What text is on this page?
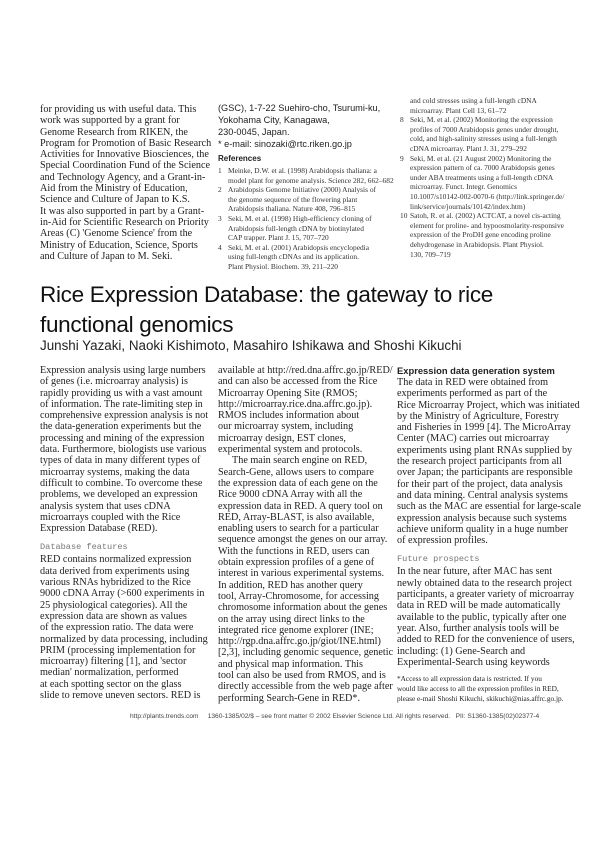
for providing us with useful data. This
work was supported by a grant for
Genome Research from RIKEN, the
Program for Promotion of Basic Research
Activities for Innovative Biosciences, the
Special Coordination Fund of the Science
and Technology Agency, and a Grant-in-
Aid from the Ministry of Education,
Science and Culture of Japan to K.S.
It was also supported in part by a Grant-
in-Aid for Scientific Research on Priority
Areas (C) 'Genome Science' from the
Ministry of Education, Science, Sports
and Culture of Japan to M. Seki.
(GSC), 1-7-22 Suehiro-cho, Tsurumi-ku,
Yokohama City, Kanagawa,
230-0045, Japan.
* e-mail: sinozaki@rtc.riken.go.jp
References
1 Meinke, D.W. et al. (1998) Arabidopsis thaliana: a
model plant for genome analysis. Science 282, 662–682
2 Arabidopsis Genome Initiative (2000) Analysis of
the genome sequence of the flowering plant
Arabidopsis thaliana. Nature 408, 796–815
3 Seki, M. et al. (1998) High-efficiency cloning of
Arabidopsis full-length cDNA by biotinylated
CAP trapper. Plant J. 15, 707–720
4 Seki, M. et al. (2001) Arabidopsis encyclopedia
using full-length cDNAs and its application.
Plant Physiol. Biochem. 39, 211–220
and cold stresses using a full-length cDNA
microarray. Plant Cell 13, 61–72
8 Seki, M. et al. (2002) Monitoring the expression
profiles of 7000 Arabidopsis genes under drought,
cold, and high-salinity stresses using a full-length
cDNA microarray. Plant J. 31, 279–292
9 Seki, M. et al. (21 August 2002) Monitoring the
expression pattern of ca. 7000 Arabidopsis genes
under ABA treatments using a full-length cDNA
microarray. Funct. Integr. Genomics
10.1007/s10142-002-0070-6 (http://link.springer.de/
link/service/journals/10142/index.htm)
10 Satoh, R. et al. (2002) ACTCAT, a novel cis-acting
element for proline- and hypoosmolarity-responsive
expression of the ProDH gene encoding proline
dehydrogenase in Arabidopsis. Plant Physiol.
130, 709–719
Rice Expression Database: the gateway to rice
functional genomics
Junshi Yazaki, Naoki Kishimoto, Masahiro Ishikawa and Shoshi Kikuchi
Expression analysis using large numbers
of genes (i.e. microarray analysis) is
rapidly providing us with a vast amount
of information. The rate-limiting step in
comprehensive expression analysis is not
the data-generation experiments but the
processing and mining of the expression
data. Furthermore, biologists use various
types of data in many different types of
microarray systems, making the data
difficult to combine. To overcome these
problems, we developed an expression
analysis system that uses cDNA
microarrays coupled with the Rice
Expression Database (RED).
Database features
RED contains normalized expression
data derived from experiments using
various RNAs hybridized to the Rice
9000 cDNA Array (>600 experiments in
25 physiological categories). All the
expression data are shown as values
of the expression ratio. The data were
normalized by data processing, including
PRIM (processing implementation for
microarray) filtering [1], and 'sector
median' normalization, performed
at each spotting sector on the glass
slide to remove uneven sectors. RED is
available at http://red.dna.affrc.go.jp/RED/
and can also be accessed from the Rice
Microarray Opening Site (RMOS;
http://microarray.rice.dna.affrc.go.jp).
RMOS includes information about
our microarray system, including
microarray design, EST clones,
experimental system and protocols.
The main search engine on RED,
Search-Gene, allows users to compare
the expression data of each gene on the
Rice 9000 cDNA Array with all the
expression data in RED. A query tool on
RED, Array-BLAST, is also available,
enabling users to search for a particular
sequence amongst the genes on our array.
With the functions in RED, users can
obtain expression profiles of a gene of
interest in various experimental systems.
In addition, RED has another query
tool, Array-Chromosome, for accessing
chromosome information about the genes
on the array using direct links to the
integrated rice genome explorer (INE;
http://rgp.dna.affrc.go.jp/giot/INE.html)
[2,3], including genomic sequence, genetic
and physical map information. This
tool can also be used from RMOS, and is
directly accessible from the web page after
performing Search-Gene in RED*.
Expression data generation system
The data in RED were obtained from
experiments performed as part of the
Rice Microarray Project, which was initiated
by the Ministry of Agriculture, Forestry
and Fisheries in 1999 [4]. The MicroArray
Center (MAC) carries out microarray
experiments using plant RNAs supplied by
the research project participants from all
over Japan; the participants are responsible
for their part of the project, data analysis
and data mining. Central analysis systems
such as the MAC are essential for large-scale
expression analysis because such systems
achieve uniform quality in a huge number
of expression profiles.
Future prospects
In the near future, after MAC has sent
newly obtained data to the research project
participants, a greater variety of microarray
data in RED will be made automatically
available to the public, typically after one
year. Also, further analysis tools will be
added to RED for the convenience of users,
including: (1) Gene-Search and
Experimental-Search using keywords
*Access to all expression data is restricted. If you
would like access to all the expression profiles in RED,
please e-mail Shoshi Kikuchi, skikuchi@nias.affrc.go.jp.
http://plants.trends.com 1360-1385/02/$ – see front matter © 2002 Elsevier Science Ltd. All rights reserved. PII: S1360-1385(02)02377-4
